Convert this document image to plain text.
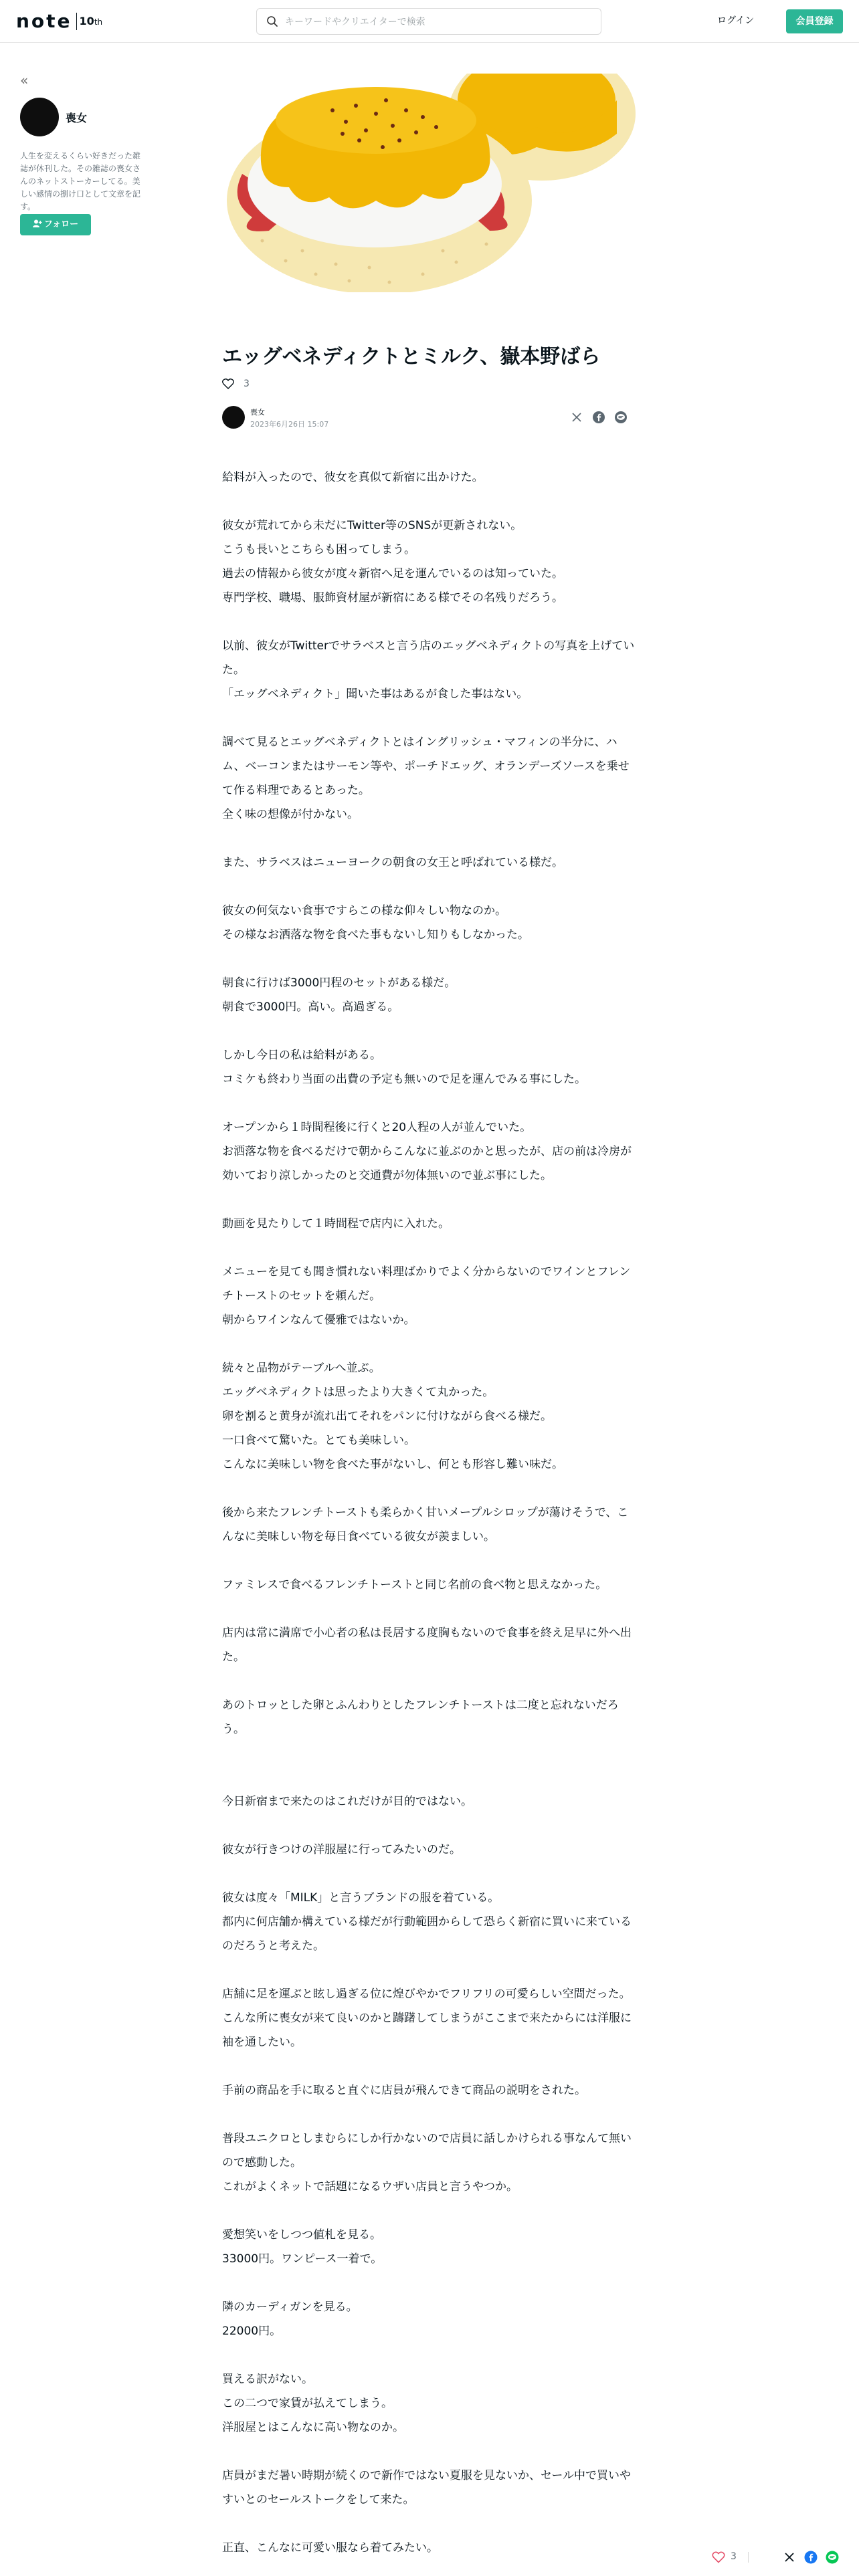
note 10th
キーワードやクリエイターで検索	ログイン	会員登録
«
喪女
人生を変えるくらい好きだった雑誌が休刊した。その雑誌の喪女さんのネットストーカーしてる。美しい感情の捌け口として文章を記す。
フォロー
エッグベネディクトとミルク、嶽本野ばら
3
喪女
2023年6月26日 15:07

給料が入ったので、彼女を真似て新宿に出かけた。

彼女が荒れてから未だにTwitter等のSNSが更新されない。

こうも長いとこちらも困ってしまう。

過去の情報から彼女が度々新宿へ足を運んでいるのは知っていた。

専門学校、職場、服飾資材屋が新宿にある様でその名残りだろう。

以前、彼女がTwitterでサラベスと言う店のエッグベネディクトの写真を上げていた。

「エッグベネディクト」聞いた事はあるが食した事はない。

調べて見るとエッグベネディクトとはイングリッシュ・マフィンの半分に、ハム、ベーコンまたはサーモン等や、ポーチドエッグ、オランデーズソースを乗せて作る料理であるとあった。

全く味の想像が付かない。

また、サラベスはニューヨークの朝食の女王と呼ばれている様だ。

彼女の何気ない食事ですらこの様な仰々しい物なのか。

その様なお洒落な物を食べた事もないし知りもしなかった。

朝食に行けば3000円程のセットがある様だ。

朝食で3000円。高い。高過ぎる。

しかし今日の私は給料がある。

コミケも終わり当面の出費の予定も無いので足を運んでみる事にした。

オープンから１時間程後に行くと20人程の人が並んでいた。

お洒落な物を食べるだけで朝からこんなに並ぶのかと思ったが、店の前は冷房が効いており涼しかったのと交通費が勿体無いので並ぶ事にした。

動画を見たりして１時間程で店内に入れた。

メニューを見ても聞き慣れない料理ばかりでよく分からないのでワインとフレンチトーストのセットを頼んだ。

朝からワインなんて優雅ではないか。

続々と品物がテーブルへ並ぶ。

エッグベネディクトは思ったより大きくて丸かった。

卵を割ると黄身が流れ出てそれをパンに付けながら食べる様だ。

一口食べて驚いた。とても美味しい。

こんなに美味しい物を食べた事がないし、何とも形容し難い味だ。

後から来たフレンチトーストも柔らかく甘いメープルシロップが蕩けそうで、こんなに美味しい物を毎日食べている彼女が羨ましい。

ファミレスで食べるフレンチトーストと同じ名前の食べ物と思えなかった。

店内は常に満席で小心者の私は長居する度胸もないので食事を終え足早に外へ出た。

あのトロッとした卵とふんわりとしたフレンチトーストは二度と忘れないだろう。

今日新宿まで来たのはこれだけが目的ではない。

彼女が行きつけの洋服屋に行ってみたいのだ。

彼女は度々「MILK」と言うブランドの服を着ている。

都内に何店舗か構えている様だが行動範囲からして恐らく新宿に買いに来ているのだろうと考えた。

店舗に足を運ぶと眩し過ぎる位に煌びやかでフリフリの可愛らしい空間だった。

こんな所に喪女が来て良いのかと躊躇してしまうがここまで来たからには洋服に袖を通したい。

手前の商品を手に取ると直ぐに店員が飛んできて商品の説明をされた。

普段ユニクロとしまむらにしか行かないので店員に話しかけられる事なんて無いので感動した。

これがよくネットで話題になるウザい店員と言うやつか。

愛想笑いをしつつ値札を見る。

33000円。ワンピース一着で。

隣のカーディガンを見る。

22000円。

買える訳がない。

この二つで家賃が払えてしまう。

洋服屋とはこんなに高い物なのか。

店員がまだ暑い時期が続くので新作ではない夏服を見ないか、セール中で買いやすいとのセールストークをして来た。

正直、こんなに可愛い服なら着てみたい。

3
